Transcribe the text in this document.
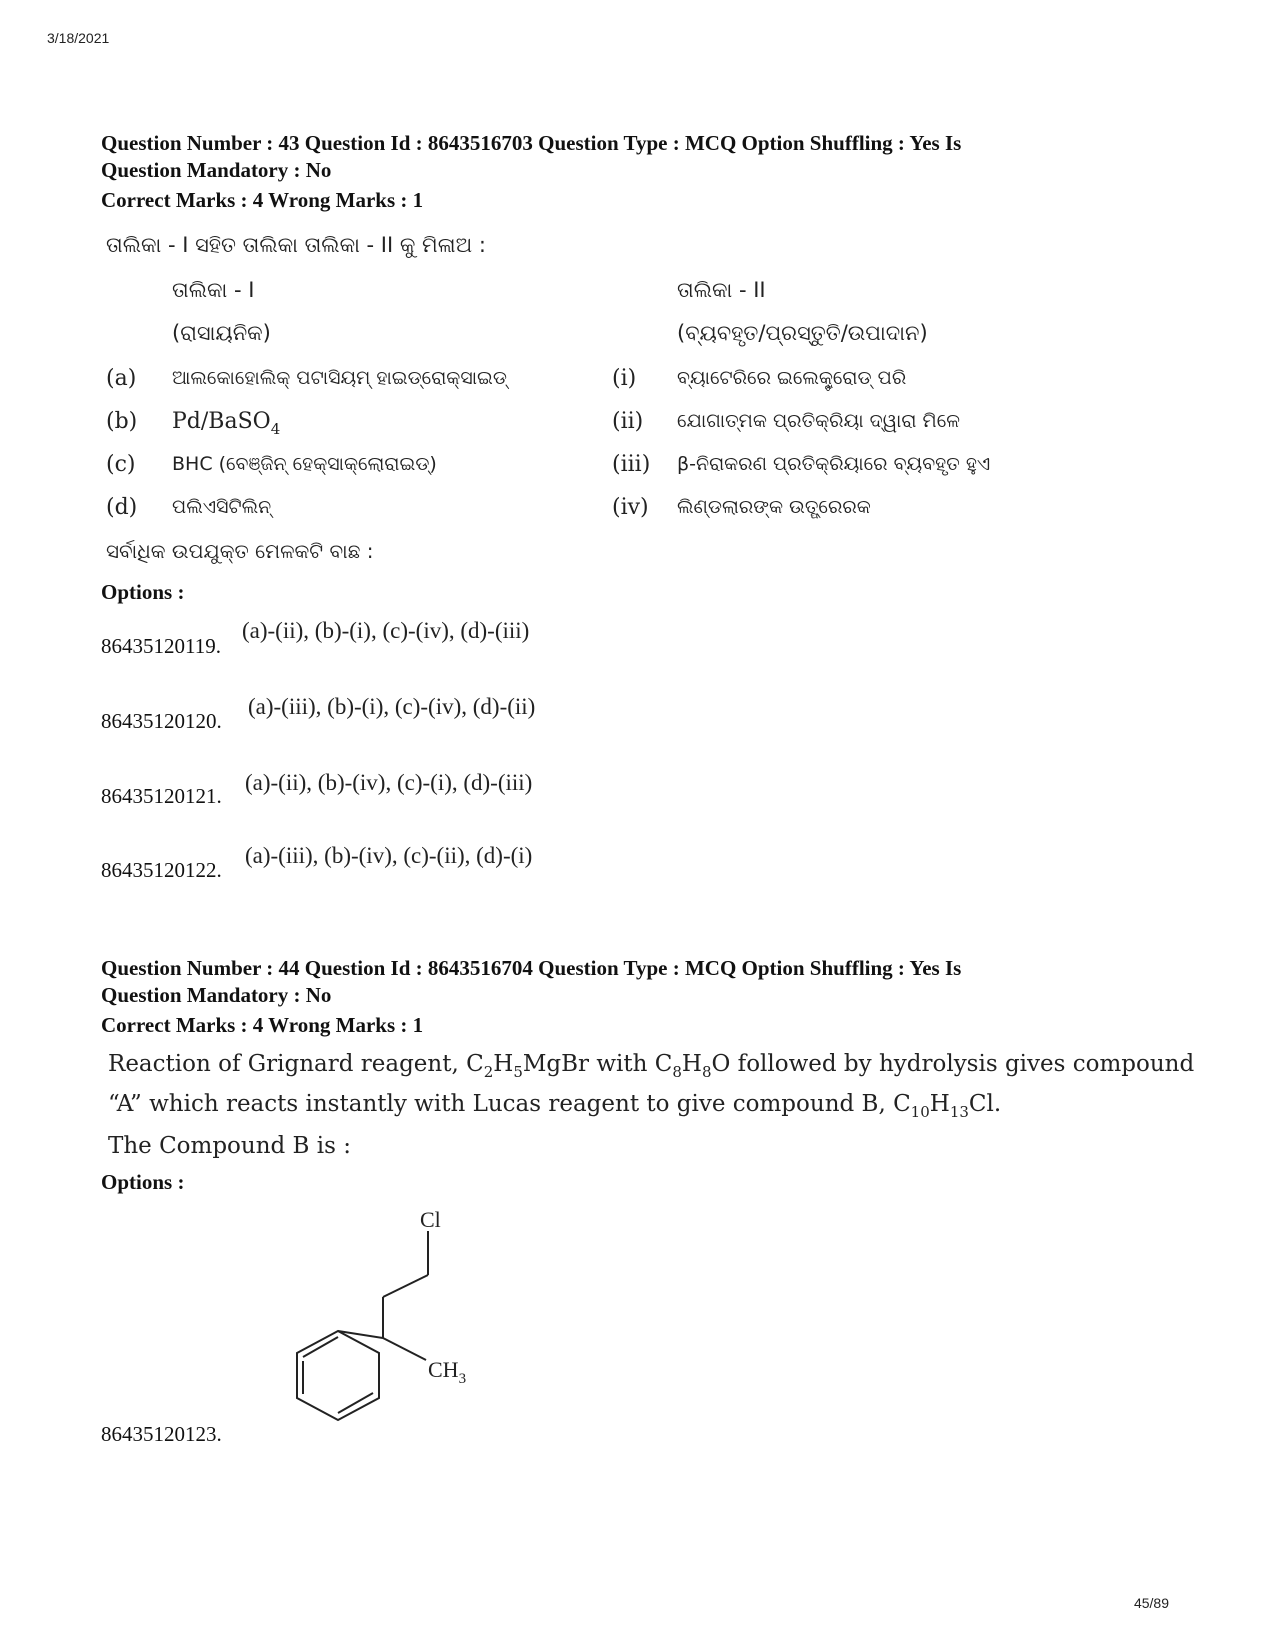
3/18/2021
Question Number : 43 Question Id : 8643516703 Question Type : MCQ Option Shuffling : Yes Is
Question Mandatory : No
Correct Marks : 4 Wrong Marks : 1
ତାଲିକା - I ସହିତ ତାଲିକା ତାଲିକା - II କୁ ମିଳାଅ :
ତାଲିକା - I
(ରାସାୟନିକ)
ତାଲିକା - II
(ବ୍ୟବହୃତ/ପ୍ରସ୍ତୁତି/ଉପାଦାନ)
(a) ଆଲକୋହୋଲିକ୍ ପଟାସିୟମ୍ ହାଇଡ୍ରୋକ୍ସାଇଡ୍	(i) ବ୍ୟାଟେରିରେ ଇଲେକ୍ଟ୍ରୋଡ୍ ପରି
(b) Pd/BaSO$_4$	(ii) ଯୋଗାତ୍ମକ ପ୍ରତିକ୍ରିୟା ଦ୍ୱାରା ମିଳେ
(c) BHC (ବେଞ୍ଜିନ୍ ହେକ୍ସାକ୍ଲୋରାଇଡ୍)	(iii) β-ନିରାକରଣ ପ୍ରତିକ୍ରିୟାରେ ବ୍ୟବହୃତ ହୁଏ
(d) ପଲିଏସିଟିଲିନ୍	(iv) ଲିଣ୍ଡଲାରଙ୍କ ଉତ୍ପ୍ରେରକ
ସର୍ବାଧିକ ଉପଯୁକ୍ତ ମେଳକଟି ବାଛ :
Options :
86435120119.
(a)-(ii), (b)-(i), (c)-(iv), (d)-(iii)
86435120120.
(a)-(iii), (b)-(i), (c)-(iv), (d)-(ii)
86435120121.
(a)-(ii), (b)-(iv), (c)-(i), (d)-(iii)
86435120122.
(a)-(iii), (b)-(iv), (c)-(ii), (d)-(i)
Question Number : 44 Question Id : 8643516704 Question Type : MCQ Option Shuffling : Yes Is
Question Mandatory : No
Correct Marks : 4 Wrong Marks : 1
Reaction of Grignard reagent, $C_2H_5MgBr$ with $C_8H_8O$ followed by hydrolysis gives compound
“A” which reacts instantly with Lucas reagent to give compound B, $C_{10}H_{13}Cl$.
The Compound B is :
Options :
Cl
$CH_3$
86435120123.
45/89
